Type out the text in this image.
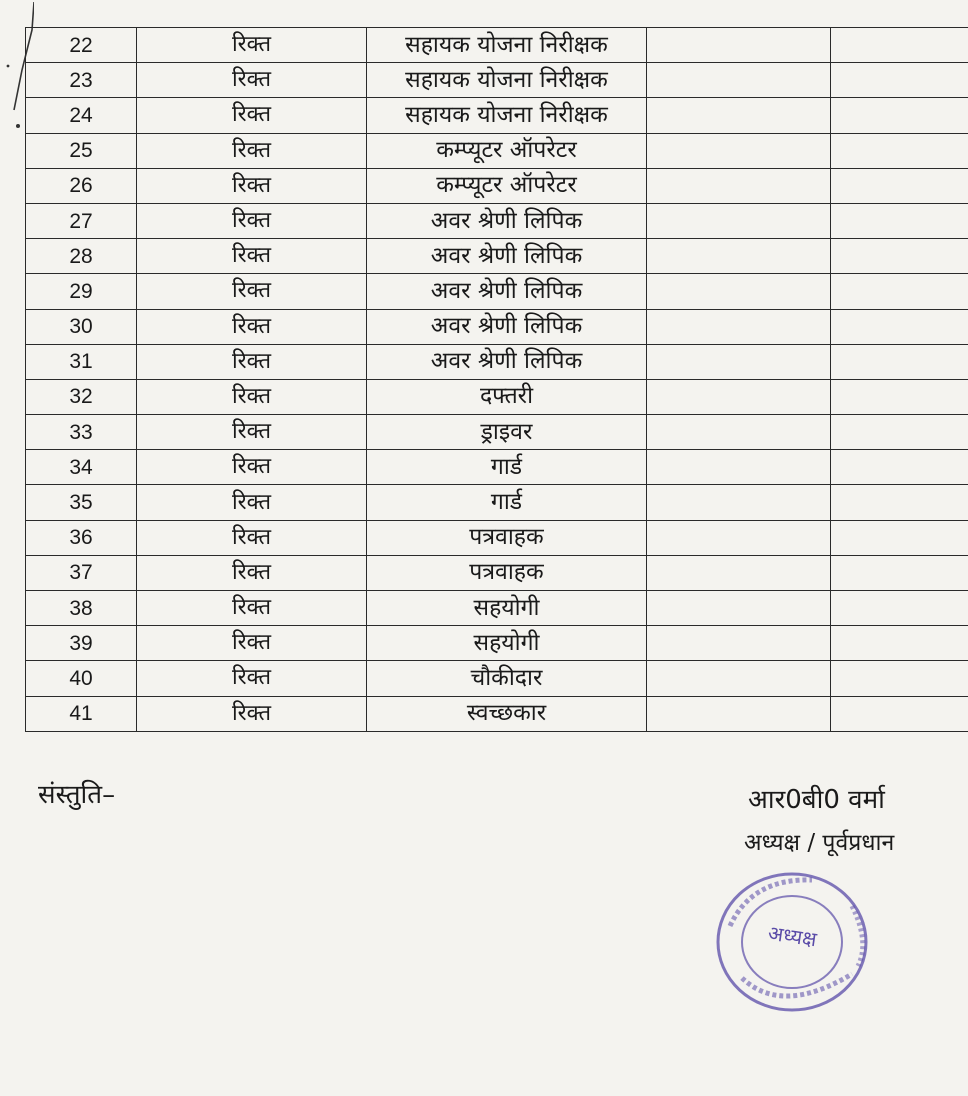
22	रिक्त	सहायक योजना निरीक्षक		
23	रिक्त	सहायक योजना निरीक्षक		
24	रिक्त	सहायक योजना निरीक्षक		
25	रिक्त	कम्प्यूटर ऑपरेटर		
26	रिक्त	कम्प्यूटर ऑपरेटर		
27	रिक्त	अवर श्रेणी लिपिक		
28	रिक्त	अवर श्रेणी लिपिक		
29	रिक्त	अवर श्रेणी लिपिक		
30	रिक्त	अवर श्रेणी लिपिक		
31	रिक्त	अवर श्रेणी लिपिक		
32	रिक्त	दफ्तरी		
33	रिक्त	ड्राइवर		
34	रिक्त	गार्ड		
35	रिक्त	गार्ड		
36	रिक्त	पत्रवाहक		
37	रिक्त	पत्रवाहक		
38	रिक्त	सहयोगी		
39	रिक्त	सहयोगी		
40	रिक्त	चौकीदार		
41	रिक्त	स्वच्छकार		
संस्तुति–	आर0बी0 वर्मा
अध्यक्ष / पूर्वप्रधान
अध्यक्ष
